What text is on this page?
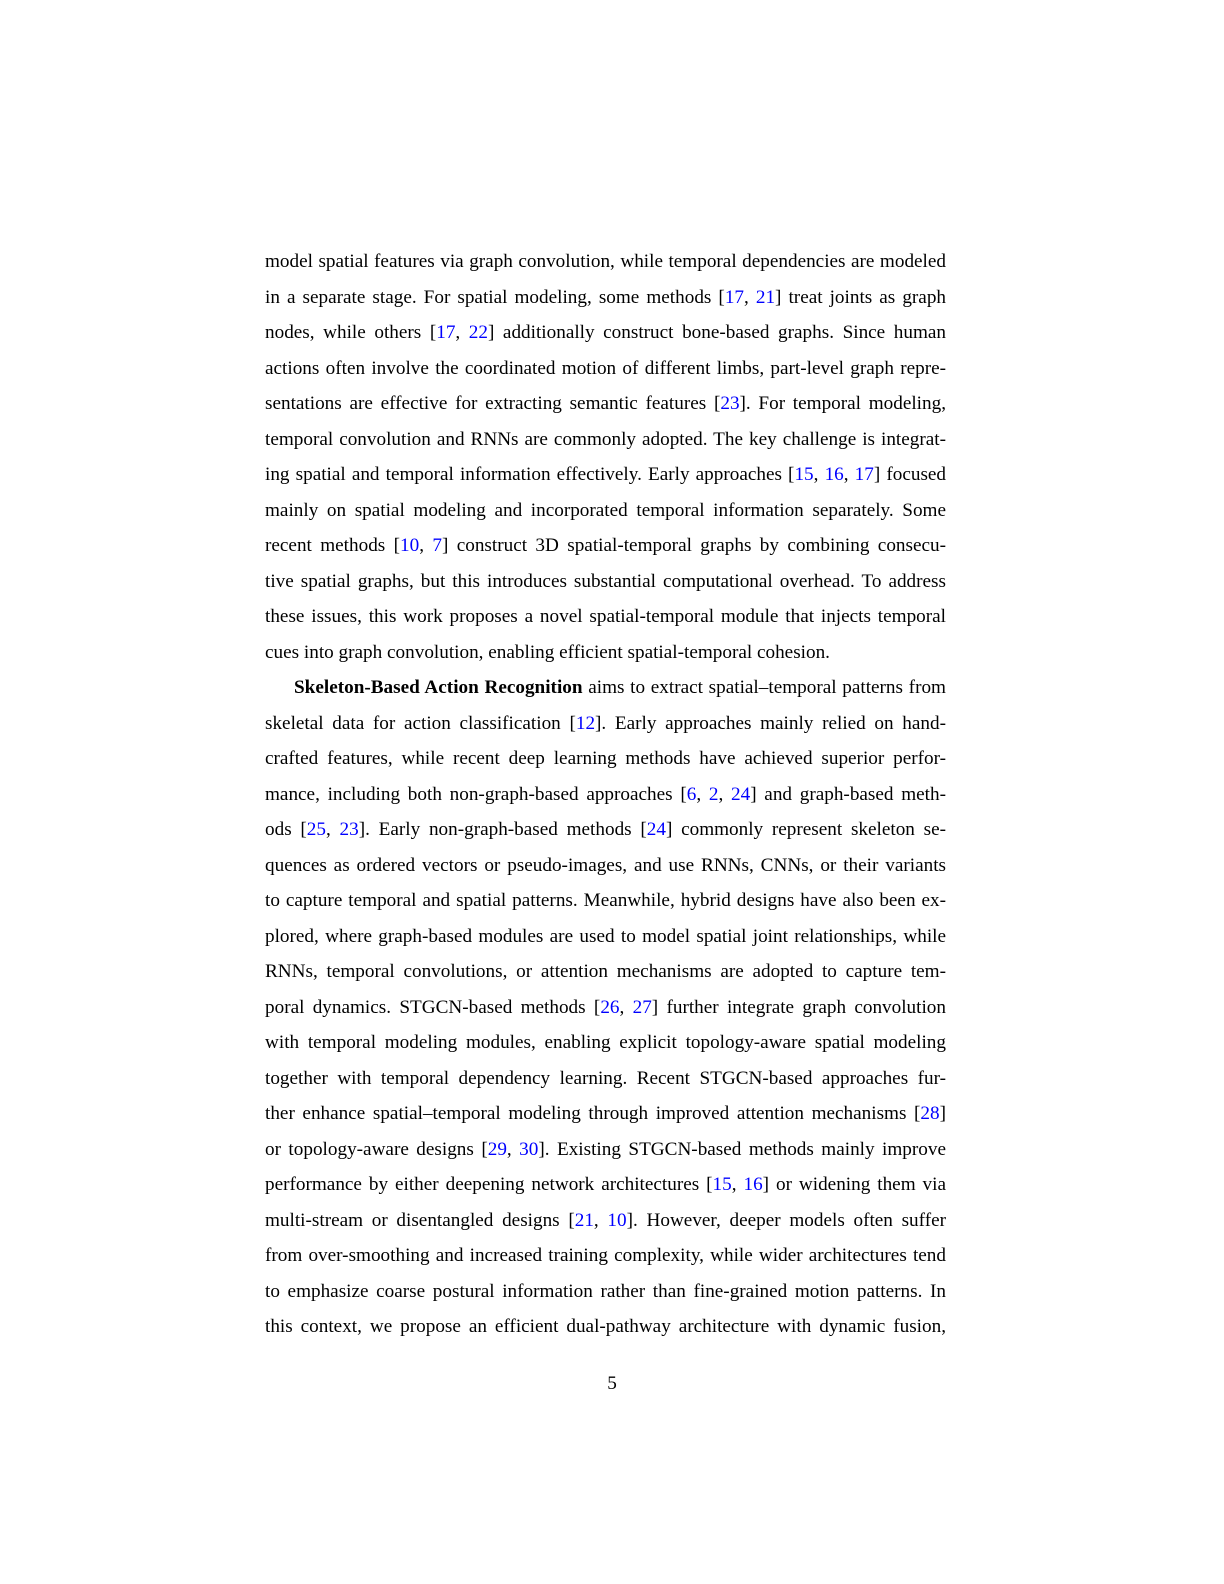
model spatial features via graph convolution, while temporal dependencies are modeled
in a separate stage. For spatial modeling, some methods [17, 21] treat joints as graph
nodes, while others [17, 22] additionally construct bone-based graphs. Since human
actions often involve the coordinated motion of different limbs, part-level graph repre-
sentations are effective for extracting semantic features [23]. For temporal modeling,
temporal convolution and RNNs are commonly adopted. The key challenge is integrat-
ing spatial and temporal information effectively. Early approaches [15, 16, 17] focused
mainly on spatial modeling and incorporated temporal information separately. Some
recent methods [10, 7] construct 3D spatial-temporal graphs by combining consecu-
tive spatial graphs, but this introduces substantial computational overhead. To address
these issues, this work proposes a novel spatial-temporal module that injects temporal
cues into graph convolution, enabling efficient spatial-temporal cohesion.
Skeleton-Based Action Recognition aims to extract spatial–temporal patterns from
skeletal data for action classification [12]. Early approaches mainly relied on hand-
crafted features, while recent deep learning methods have achieved superior perfor-
mance, including both non-graph-based approaches [6, 2, 24] and graph-based meth-
ods [25, 23]. Early non-graph-based methods [24] commonly represent skeleton se-
quences as ordered vectors or pseudo-images, and use RNNs, CNNs, or their variants
to capture temporal and spatial patterns. Meanwhile, hybrid designs have also been ex-
plored, where graph-based modules are used to model spatial joint relationships, while
RNNs, temporal convolutions, or attention mechanisms are adopted to capture tem-
poral dynamics. STGCN-based methods [26, 27] further integrate graph convolution
with temporal modeling modules, enabling explicit topology-aware spatial modeling
together with temporal dependency learning. Recent STGCN-based approaches fur-
ther enhance spatial–temporal modeling through improved attention mechanisms [28]
or topology-aware designs [29, 30]. Existing STGCN-based methods mainly improve
performance by either deepening network architectures [15, 16] or widening them via
multi-stream or disentangled designs [21, 10]. However, deeper models often suffer
from over-smoothing and increased training complexity, while wider architectures tend
to emphasize coarse postural information rather than fine-grained motion patterns. In
this context, we propose an efficient dual-pathway architecture with dynamic fusion,
5
